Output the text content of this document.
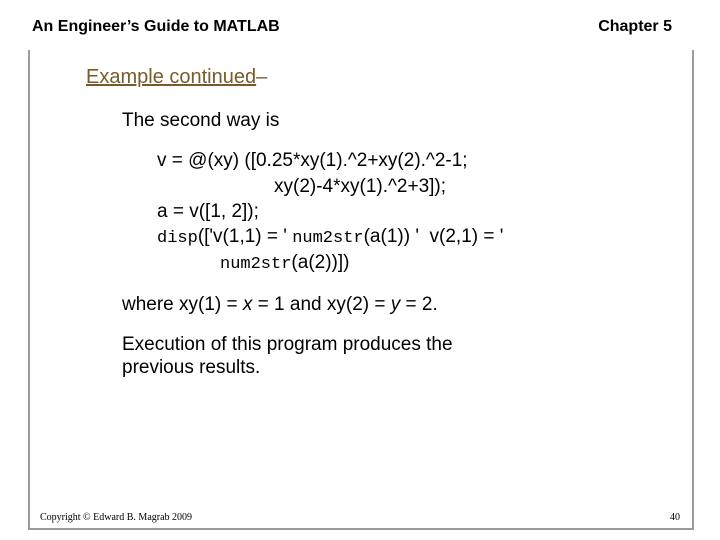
An Engineer’s Guide to MATLAB	Chapter 5
Example continued–
The second way is
v = @(xy) ([0.25*xy(1).^2+xy(2).^2-1;
xy(2)-4*xy(1).^2+3]);
a = v([1, 2]);
disp(['v(1,1) = ' num2str(a(1)) '  v(2,1) = '
num2str(a(2))])
where xy(1) = x = 1 and xy(2) = y = 2.
Execution of this program produces the
previous results.
Copyright © Edward B. Magrab 2009	40
